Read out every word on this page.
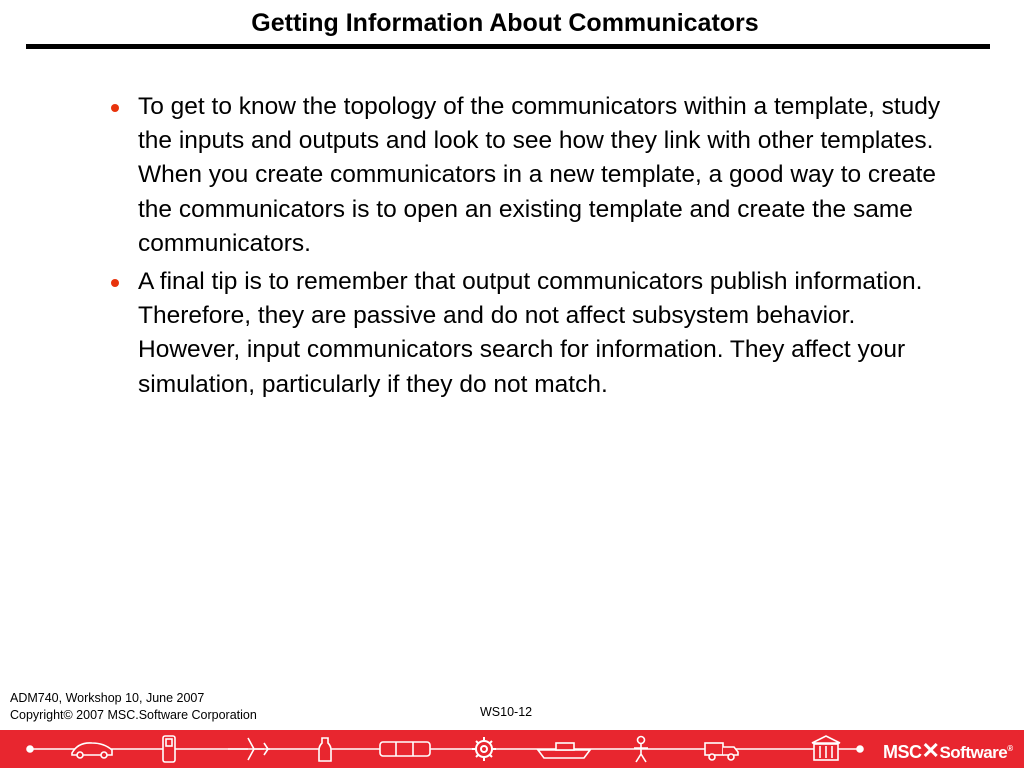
Getting Information About Communicators
To get to know the topology of the communicators within a template, study the inputs and outputs and look to see how they link with other templates. When you create communicators in a new template, a good way to create the communicators is to open an existing template and create the same communicators.
A final tip is to remember that output communicators publish information. Therefore, they are passive and do not affect subsystem behavior. However, input communicators search for information. They affect your simulation, particularly if they do not match.
ADM740, Workshop 10, June 2007
Copyright© 2007 MSC.Software Corporation	WS10-12
MSC✕Software®
